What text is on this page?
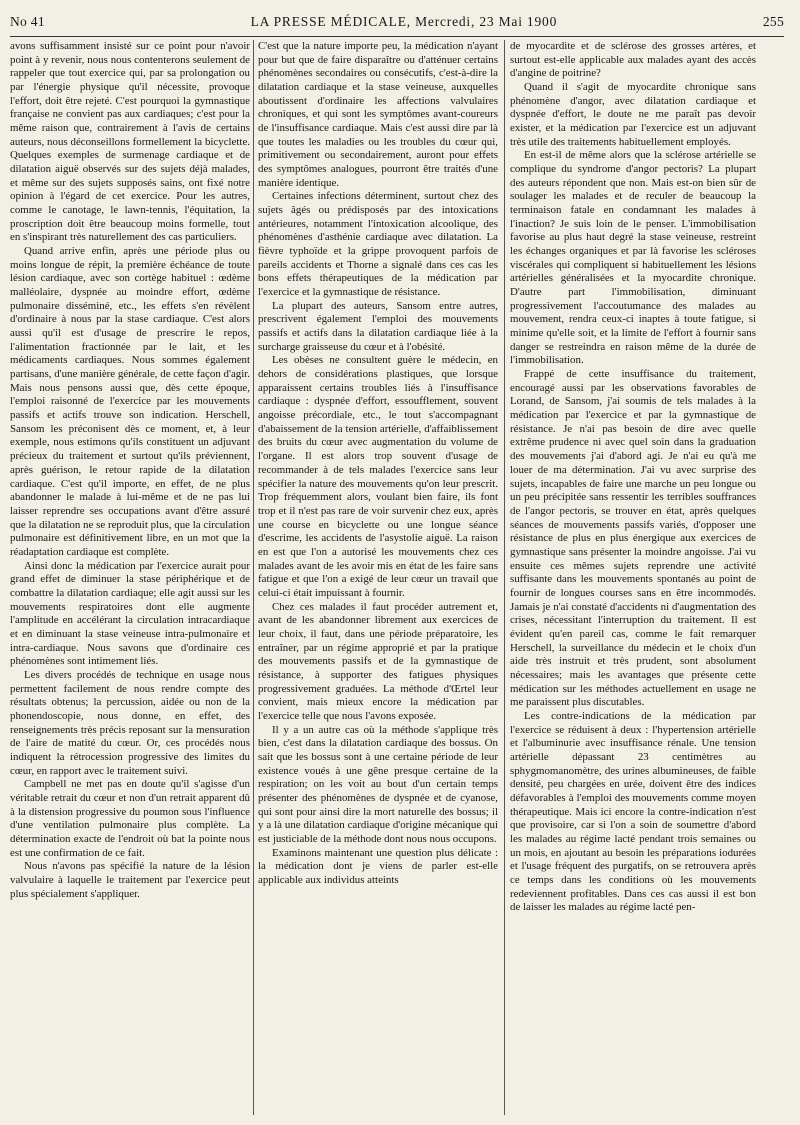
No 41	LA PRESSE MÉDICALE, Mercredi, 23 Mai 1900	255

avons suffisamment insisté sur ce point pour n'avoir point à y revenir, nous nous contenterons seulement de rappeler que tout exercice qui, par sa prolongation ou par l'énergie physique qu'il nécessite, provoque l'effort, doit être rejeté. C'est pourquoi la gymnastique française ne convient pas aux cardiaques; c'est pour la même raison que, contrairement à l'avis de certains auteurs, nous déconseillons formellement la bicyclette. Quelques exemples de surmenage cardiaque et de dilatation aiguë observés sur des sujets déjà malades, et même sur des sujets supposés sains, ont fixé notre opinion à l'égard de cet exercice. Pour les autres, comme le canotage, le lawn-tennis, l'équitation, la proscription doit être beaucoup moins formelle, tout en s'inspirant très naturellement des cas particuliers.

Quand arrive enfin, après une période plus ou moins longue de répit, la première échéance de toute lésion cardiaque, avec son cortège habituel : œdème malléolaire, dyspnée au moindre effort, œdème pulmonaire disséminé, etc., les effets s'en révèlent d'ordinaire à nous par la stase cardiaque. C'est alors aussi qu'il est d'usage de prescrire le repos, l'alimentation fractionnée par le lait, et les médicaments cardiaques. Nous sommes également partisans, d'une manière générale, de cette façon d'agir. Mais nous pensons aussi que, dès cette époque, l'emploi raisonné de l'exercice par les mouvements passifs et actifs trouve son indication. Herschell, Sansom les préconisent dès ce moment, et, à leur exemple, nous estimons qu'ils constituent un adjuvant précieux du traitement et surtout qu'ils préviennent, après guérison, le retour rapide de la dilatation cardiaque. C'est qu'il importe, en effet, de ne plus abandonner le malade à lui-même et de ne pas lui laisser reprendre ses occupations avant d'être assuré que la dilatation ne se reproduit plus, que la circulation pulmonaire est définitivement libre, en un mot que la réadaptation cardiaque est complète.

Ainsi donc la médication par l'exercice aurait pour grand effet de diminuer la stase périphérique et de combattre la dilatation cardiaque; elle agit aussi sur les mouvements respiratoires dont elle augmente l'amplitude en accélérant la circulation intracardiaque et en diminuant la stase veineuse intra-pulmonaire et intra-cardiaque. Nous savons que d'ordinaire ces phénomènes sont intimement liés.

Les divers procédés de technique en usage nous permettent facilement de nous rendre compte des résultats obtenus; la percussion, aidée ou non de la phonendoscopie, nous donne, en effet, des renseignements très précis reposant sur la mensuration de l'aire de matité du cœur. Or, ces procédés nous indiquent la rétrocession progressive des limites du cœur, en rapport avec le traitement suivi.

Campbell ne met pas en doute qu'il s'agisse d'un véritable retrait du cœur et non d'un retrait apparent dû à la distension progressive du poumon sous l'influence d'une ventilation pulmonaire plus complète. La détermination exacte de l'endroit où bat la pointe nous est une confirmation de ce fait.

Nous n'avons pas spécifié la nature de la lésion valvulaire à laquelle le traitement par l'exercice peut plus spécialement s'appliquer.

C'est que la nature importe peu, la médication n'ayant pour but que de faire disparaître ou d'atténuer certains phénomènes secondaires ou consécutifs, c'est-à-dire la dilatation cardiaque et la stase veineuse, auxquelles aboutissent d'ordinaire les affections valvulaires chroniques, et qui sont les symptômes avant-coureurs de l'insuffisance cardiaque. Mais c'est aussi dire par là que toutes les maladies ou les troubles du cœur qui, primitivement ou secondairement, auront pour effets des symptômes analogues, pourront être traités d'une manière identique.

Certaines infections déterminent, surtout chez des sujets âgés ou prédisposés par des intoxications antérieures, notamment l'intoxication alcoolique, des phénomènes d'asthénie cardiaque avec dilatation. La fièvre typhoïde et la grippe provoquent parfois de pareils accidents et Thorne a signalé dans ces cas les bons effets thérapeutiques de la médication par l'exercice et la gymnastique de résistance.

La plupart des auteurs, Sansom entre autres, prescrivent également l'emploi des mouvements passifs et actifs dans la dilatation cardiaque liée à la surcharge graisseuse du cœur et à l'obésité.

Les obèses ne consultent guère le médecin, en dehors de considérations plastiques, que lorsque apparaissent certains troubles liés à l'insuffisance cardiaque : dyspnée d'effort, essoufflement, souvent angoisse précordiale, etc., le tout s'accompagnant d'abaissement de la tension artérielle, d'affaiblissement des bruits du cœur avec augmentation du volume de l'organe. Il est alors trop souvent d'usage de recommander à de tels malades l'exercice sans leur spécifier la nature des mouvements qu'on leur prescrit. Trop fréquemment alors, voulant bien faire, ils font trop et il n'est pas rare de voir survenir chez eux, après une course en bicyclette ou une longue séance d'escrime, les accidents de l'asystolie aiguë. La raison en est que l'on a autorisé les mouvements chez ces malades avant de les avoir mis en état de les faire sans fatigue et que l'on a exigé de leur cœur un travail que celui-ci était impuissant à fournir.

Chez ces malades il faut procéder autrement et, avant de les abandonner librement aux exercices de leur choix, il faut, dans une période préparatoire, les entraîner, par un régime approprié et par la pratique des mouvements passifs et de la gymnastique de résistance, à supporter des fatigues physiques progressivement graduées. La méthode d'Œrtel leur convient, mais mieux encore la médication par l'exercice telle que nous l'avons exposée.

Il y a un autre cas où la méthode s'applique très bien, c'est dans la dilatation cardiaque des bossus. On sait que les bossus sont à une certaine période de leur existence voués à une gêne presque certaine de la respiration; on les voit au bout d'un certain temps présenter des phénomènes de dyspnée et de cyanose, qui sont pour ainsi dire la mort naturelle des bossus; il y a là une dilatation cardiaque d'origine mécanique qui est justiciable de la méthode dont nous nous occupons.

Examinons maintenant une question plus délicate : la médication dont je viens de parler est-elle applicable aux individus atteints

de myocardite et de sclérose des grosses artères, et surtout est-elle applicable aux malades ayant des accès d'angine de poitrine?

Quand il s'agit de myocardite chronique sans phénomène d'angor, avec dilatation cardiaque et dyspnée d'effort, le doute ne me paraît pas devoir exister, et la médication par l'exercice est un adjuvant très utile des traitements habituellement employés.

En est-il de même alors que la sclérose artérielle se complique du syndrome d'angor pectoris? La plupart des auteurs répondent que non. Mais est-on bien sûr de soulager les malades et de reculer de beaucoup la terminaison fatale en condamnant les malades à l'inaction? Je suis loin de le penser. L'immobilisation favorise au plus haut degré la stase veineuse, restreint les échanges organiques et par là favorise les scléroses viscérales qui compliquent si habituellement les lésions artérielles généralisées et la myocardite chronique. D'autre part l'immobilisation, diminuant progressivement l'accoutumance des malades au mouvement, rendra ceux-ci inaptes à toute fatigue, si minime qu'elle soit, et la limite de l'effort à fournir sans danger se restreindra en raison même de la durée de l'immobilisation.

Frappé de cette insuffisance du traitement, encouragé aussi par les observations favorables de Lorand, de Sansom, j'ai soumis de tels malades à la médication par l'exercice et par la gymnastique de résistance. Je n'ai pas besoin de dire avec quelle extrême prudence ni avec quel soin dans la graduation des mouvements j'ai d'abord agi. Je n'ai eu qu'à me louer de ma détermination. J'ai vu avec surprise des sujets, incapables de faire une marche un peu longue ou un peu précipitée sans ressentir les terribles souffrances de l'angor pectoris, se trouver en état, après quelques séances de mouvements passifs variés, d'opposer une résistance de plus en plus énergique aux exercices de gymnastique sans présenter la moindre angoisse. J'ai vu ensuite ces mêmes sujets reprendre une activité suffisante dans les mouvements spontanés au point de fournir de longues courses sans en être incommodés. Jamais je n'ai constaté d'accidents ni d'augmentation des crises, nécessitant l'interruption du traitement. Il est évident qu'en pareil cas, comme le fait remarquer Herschell, la surveillance du médecin et le choix d'un aide très instruit et très prudent, sont absolument nécessaires; mais les avantages que présente cette médication sur les méthodes actuellement en usage ne me paraissent plus discutables.

Les contre-indications de la médication par l'exercice se réduisent à deux : l'hypertension artérielle et l'albuminurie avec insuffisance rénale. Une tension artérielle dépassant 23 centimètres au sphygmomanomètre, des urines albumineuses, de faible densité, peu chargées en urée, doivent être des indices défavorables à l'emploi des mouvements comme moyen thérapeutique. Mais ici encore la contre-indication n'est que provisoire, car si l'on a soin de soumettre d'abord les malades au régime lacté pendant trois semaines ou un mois, en ajoutant au besoin les préparations iodurées et l'usage fréquent des purgatifs, on se retrouvera après ce temps dans les conditions où les mouvements redeviennent profitables. Dans ces cas aussi il est bon de laisser les malades au régime lacté pen-
